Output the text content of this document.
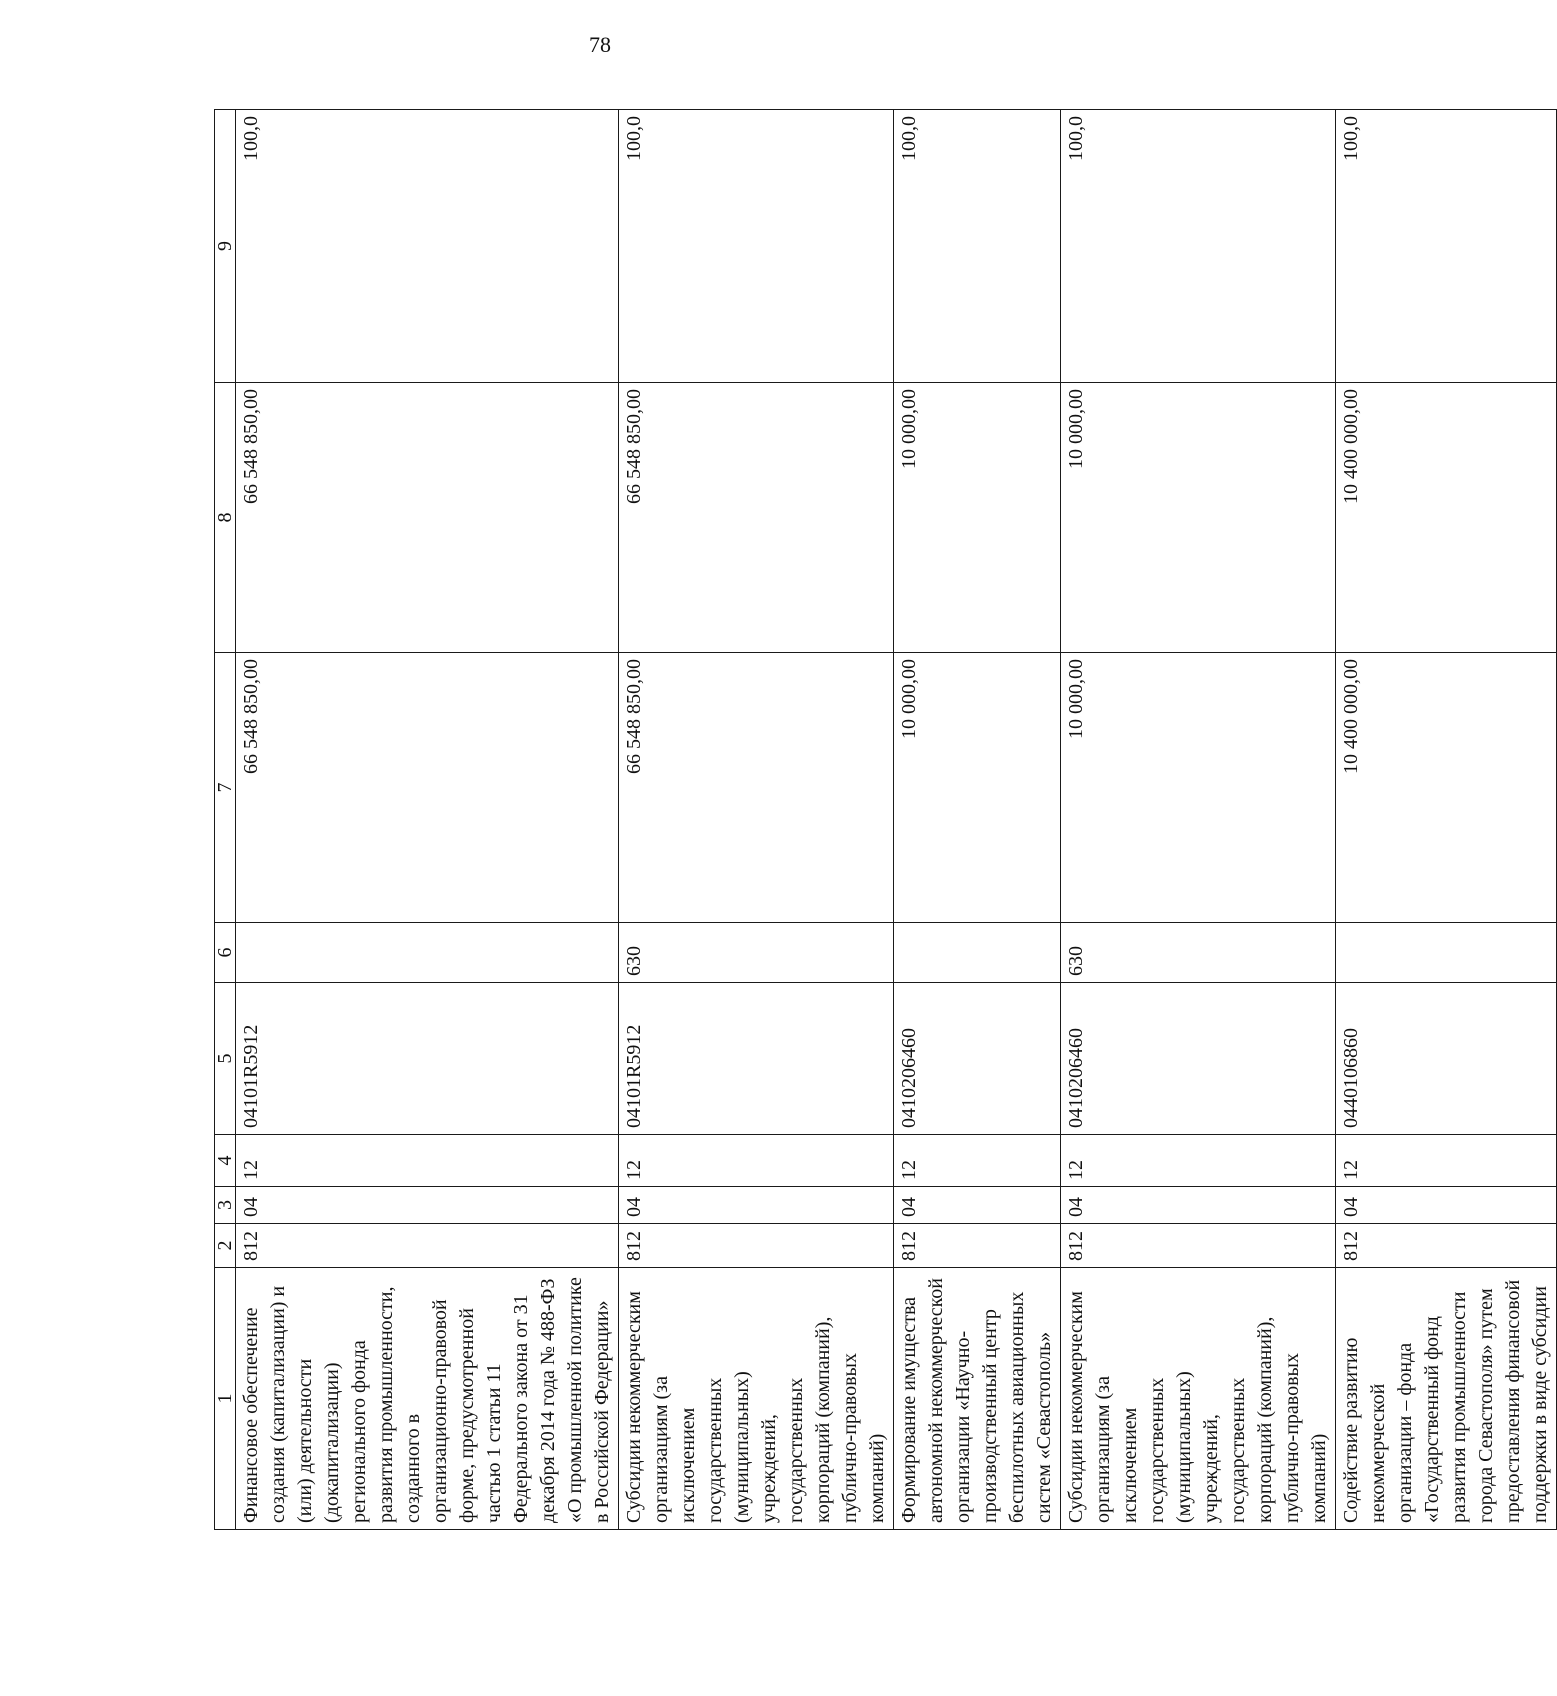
78
1	2	3	4	5	6	7	8	9
Финансовое обеспечение создания (капитализации) и (или) деятельности (докапитализации) регионального фонда развития промышленности, созданного в организационно-правовой форме, предусмотренной частью 1 статьи 11 Федерального закона от 31 декабря 2014 года № 488-ФЗ «О промышленной политике в Российской Федерации»	812	04	12	04101R5912		66 548 850,00	66 548 850,00	100,0
Субсидии некоммерческим организациям (за исключением государственных (муниципальных) учреждений, государственных корпораций (компаний), публично-правовых компаний)	812	04	12	04101R5912	630	66 548 850,00	66 548 850,00	100,0
Формирование имущества автономной некоммерческой организации «Научно-производственный центр беспилотных авиационных систем «Севастополь»	812	04	12	0410206460		10 000,00	10 000,00	100,0
Субсидии некоммерческим организациям (за исключением государственных (муниципальных) учреждений, государственных корпораций (компаний), публично-правовых компаний)	812	04	12	0410206460	630	10 000,00	10 000,00	100,0
Содействие развитию некоммерческой организации – фонда «Государственный фонд развития промышленности города Севастополя» путем предоставления финансовой поддержки в виде субсидии	812	04	12	0440106860		10 400 000,00	10 400 000,00	100,0
